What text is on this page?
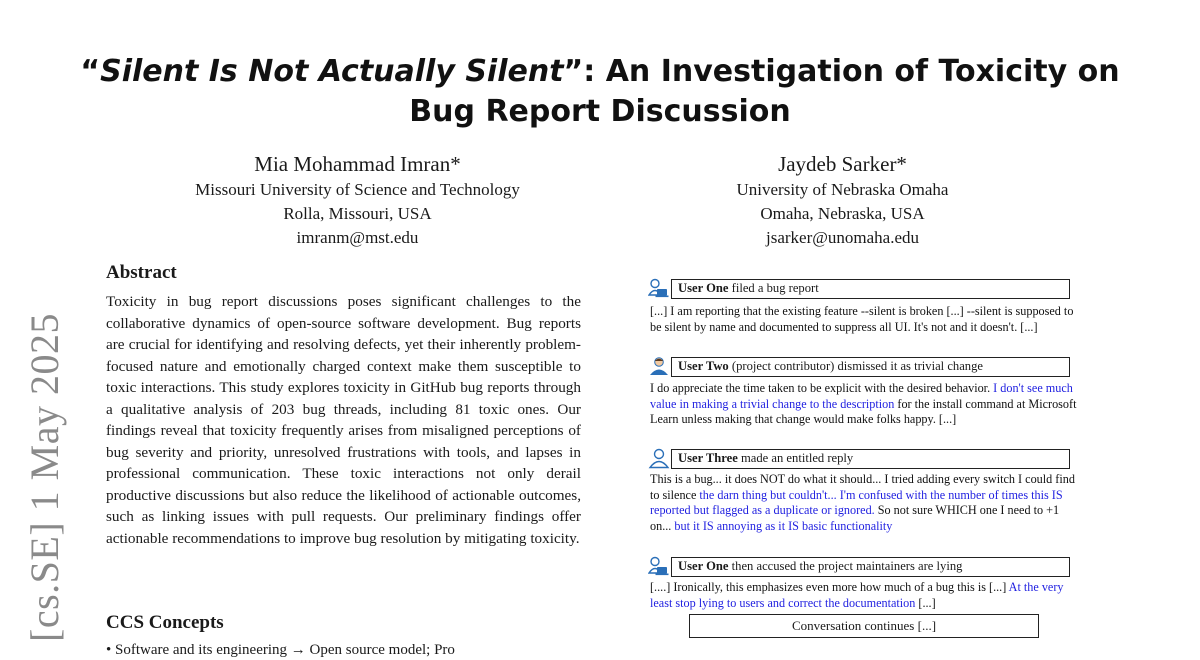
[cs.SE] 1 May 2025
“Silent Is Not Actually Silent”: An Investigation of Toxicity on Bug Report Discussion
Mia Mohammad Imran*
Missouri University of Science and Technology
Rolla, Missouri, USA
imranm@mst.edu
Jaydeb Sarker*
University of Nebraska Omaha
Omaha, Nebraska, USA
jsarker@unomaha.edu
Abstract
Toxicity in bug report discussions poses significant challenges to the collaborative dynamics of open-source software development. Bug reports are crucial for identifying and resolving defects, yet their inherently problem-focused nature and emotionally charged context make them susceptible to toxic interactions. This study explores toxicity in GitHub bug reports through a qualitative analysis of 203 bug threads, including 81 toxic ones. Our findings reveal that toxicity frequently arises from misaligned perceptions of bug severity and priority, unresolved frustrations with tools, and lapses in professional communication. These toxic interactions not only derail productive discussions but also reduce the likelihood of actionable outcomes, such as linking issues with pull requests. Our preliminary findings offer actionable recommendations to improve bug resolution by mitigating toxicity.
CCS Concepts
• Software and its engineering → Open source model; Pro
User One filed a bug report
[...] I am reporting that the existing feature --silent is broken [...] --silent is supposed to be silent by name and documented to suppress all UI. It's not and it doesn't. [...]
User Two (project contributor) dismissed it as trivial change
I do appreciate the time taken to be explicit with the desired behavior. I don't see much value in making a trivial change to the description for the install command at Microsoft Learn unless making that change would make folks happy. [...]
User Three made an entitled reply
This is a bug... it does NOT do what it should... I tried adding every switch I could find to silence the darn thing but couldn't... I'm confused with the number of times this IS reported but flagged as a duplicate or ignored. So not sure WHICH one I need to +1 on... but it IS annoying as it IS basic functionality
User One then accused the project maintainers are lying
[....] Ironically, this emphasizes even more how much of a bug this is [...] At the very least stop lying to users and correct the documentation [...]
Conversation continues [...]
